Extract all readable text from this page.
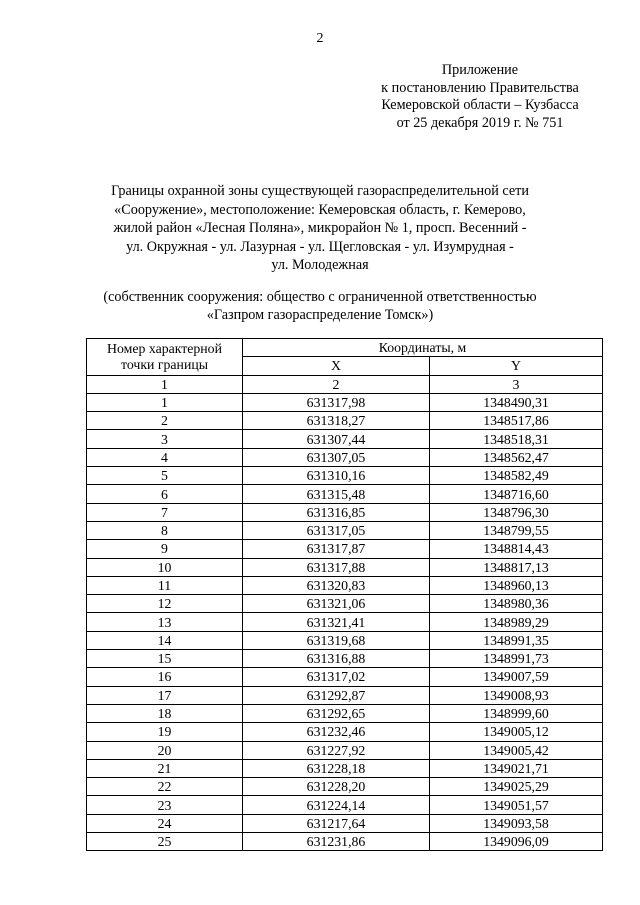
2
Приложение
к постановлению Правительства
Кемеровской области – Кузбасса
от 25 декабря 2019 г. № 751
Границы охранной зоны существующей газораспределительной сети
«Сооружение», местоположение: Кемеровская область, г. Кемерово,
жилой район «Лесная Поляна», микрорайон № 1, просп. Весенний -
ул. Окружная - ул. Лазурная - ул. Щегловская - ул. Изумрудная -
ул. Молодежная
(собственник сооружения: общество с ограниченной ответственностью
«Газпром газораспределение Томск»)
Номер характерной точки границы	Координаты, м	
	X	Y
1	2	3
1	631317,98	1348490,31
2	631318,27	1348517,86
3	631307,44	1348518,31
4	631307,05	1348562,47
5	631310,16	1348582,49
6	631315,48	1348716,60
7	631316,85	1348796,30
8	631317,05	1348799,55
9	631317,87	1348814,43
10	631317,88	1348817,13
11	631320,83	1348960,13
12	631321,06	1348980,36
13	631321,41	1348989,29
14	631319,68	1348991,35
15	631316,88	1348991,73
16	631317,02	1349007,59
17	631292,87	1349008,93
18	631292,65	1348999,60
19	631232,46	1349005,12
20	631227,92	1349005,42
21	631228,18	1349021,71
22	631228,20	1349025,29
23	631224,14	1349051,57
24	631217,64	1349093,58
25	631231,86	1349096,09
